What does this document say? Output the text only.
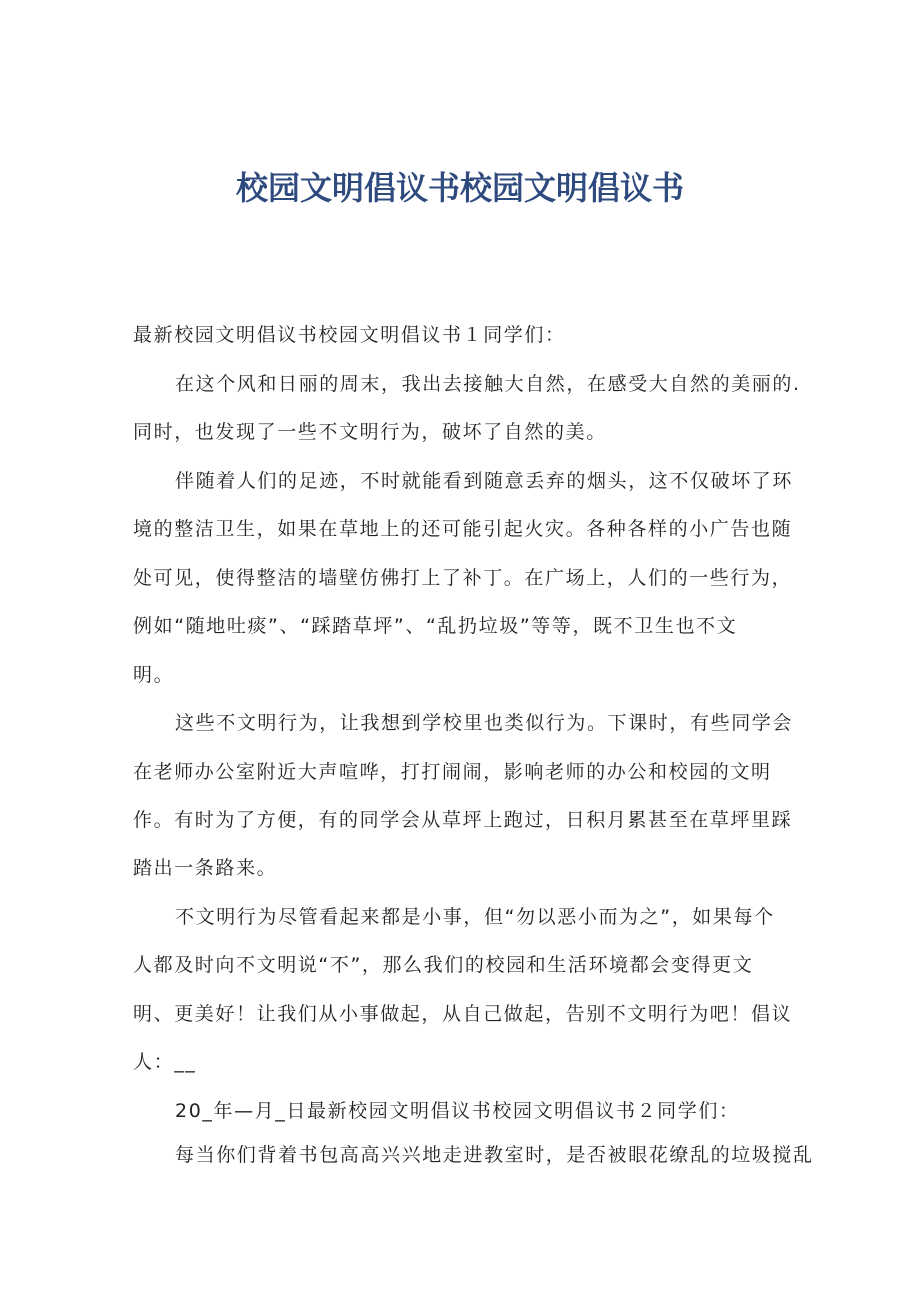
校园文明倡议书校园文明倡议书
最新校园文明倡议书校园文明倡议书１同学们：
在这个风和日丽的周末，我出去接触大自然，在感受大自然的美丽的.
同时，也发现了一些不文明行为，破坏了自然的美。
伴随着人们的足迹，不时就能看到随意丢弃的烟头，这不仅破坏了环
境的整洁卫生，如果在草地上的还可能引起火灾。各种各样的小广告也随
处可见，使得整洁的墙壁仿佛打上了补丁。在广场上，人们的一些行为，
例如“随地吐痰”、“踩踏草坪”、“乱扔垃圾”等等，既不卫生也不文
明。
这些不文明行为，让我想到学校里也类似行为。下课时，有些同学会
在老师办公室附近大声喧哗，打打闹闹，影响老师的办公和校园的文明
作。有时为了方便，有的同学会从草坪上跑过，日积月累甚至在草坪里踩
踏出一条路来。
不文明行为尽管看起来都是小事，但“勿以恶小而为之”，如果每个
人都及时向不文明说“不”，那么我们的校园和生活环境都会变得更文
明、更美好！让我们从小事做起，从自己做起，告别不文明行为吧！倡议
人：__
20_年—月_日最新校园文明倡议书校园文明倡议书２同学们：
每当你们背着书包高高兴兴地走进教室时，是否被眼花缭乱的垃圾搅乱
